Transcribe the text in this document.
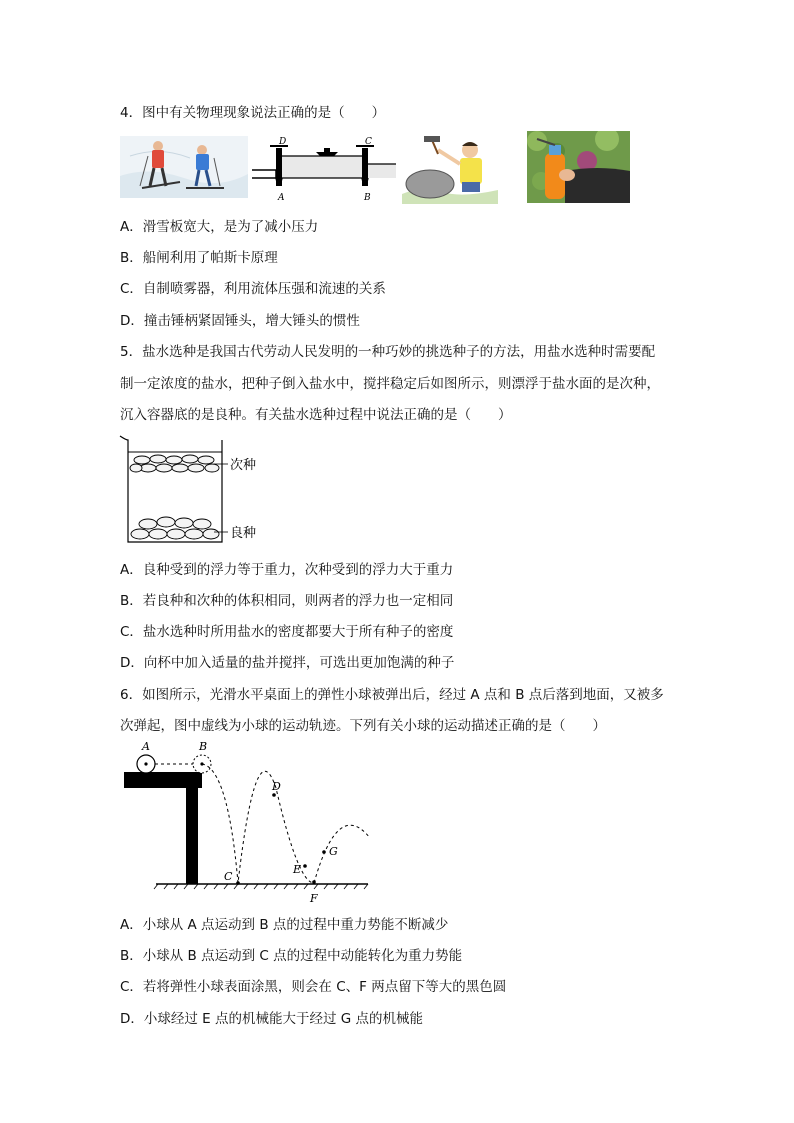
4．图中有关物理现象说法正确的是（　　）
D	C
A	B
A．滑雪板宽大，是为了减小压力
B．船闸利用了帕斯卡原理
C．自制喷雾器，利用流体压强和流速的关系
D．撞击锤柄紧固锤头，增大锤头的惯性
5．盐水选种是我国古代劳动人民发明的一种巧妙的挑选种子的方法，用盐水选种时需要配
制一定浓度的盐水，把种子倒入盐水中，搅拌稳定后如图所示，则漂浮于盐水面的是次种，
沉入容器底的是良种。有关盐水选种过程中说法正确的是（　　）
次种
良种
A．良种受到的浮力等于重力，次种受到的浮力大于重力
B．若良种和次种的体积相同，则两者的浮力也一定相同
C．盐水选种时所用盐水的密度都要大于所有种子的密度
D．向杯中加入适量的盐并搅拌，可选出更加饱满的种子
6．如图所示，光滑水平桌面上的弹性小球被弹出后，经过 A 点和 B 点后落到地面，又被多
次弹起，图中虚线为小球的运动轨迹。下列有关小球的运动描述正确的是（　　）
A	B
C
D
E
F
G
A．小球从 A 点运动到 B 点的过程中重力势能不断减少
B．小球从 B 点运动到 C 点的过程中动能转化为重力势能
C．若将弹性小球表面涂黑，则会在 C、F 两点留下等大的黑色圆
D．小球经过 E 点的机械能大于经过 G 点的机械能
